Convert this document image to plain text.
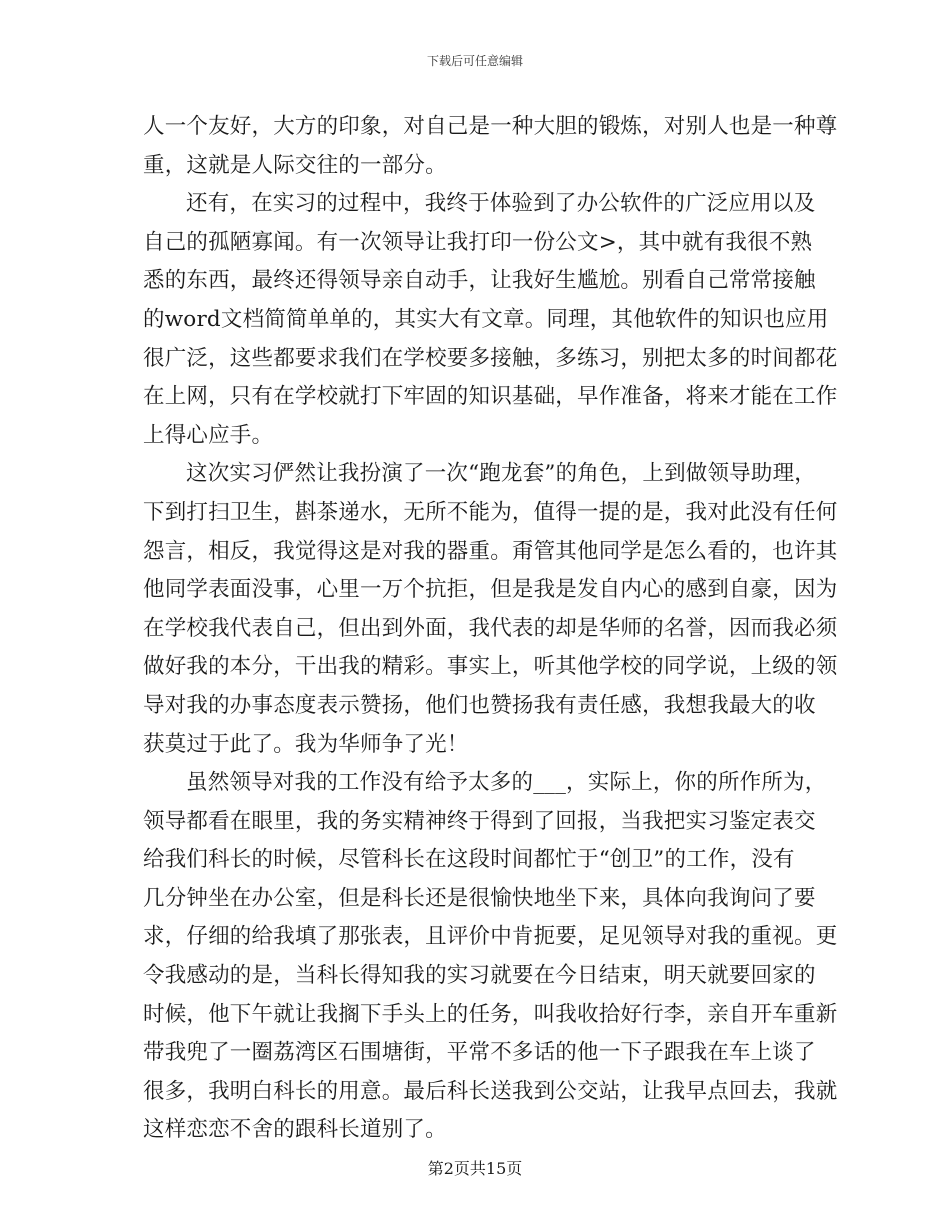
下载后可任意编辑
人一个友好，大方的印象，对自己是一种大胆的锻炼，对别人也是一种尊
重，这就是人际交往的一部分。
还有，在实习的过程中，我终于体验到了办公软件的广泛应用以及
自己的孤陋寡闻。有一次领导让我打印一份公文>，其中就有我很不熟
悉的东西，最终还得领导亲自动手，让我好生尴尬。别看自己常常接触
的word文档简简单单的，其实大有文章。同理，其他软件的知识也应用
很广泛，这些都要求我们在学校要多接触，多练习，别把太多的时间都花
在上网，只有在学校就打下牢固的知识基础，早作准备，将来才能在工作
上得心应手。
这次实习俨然让我扮演了一次“跑龙套”的角色，上到做领导助理，
下到打扫卫生，斟茶递水，无所不能为，值得一提的是，我对此没有任何
怨言，相反，我觉得这是对我的器重。甭管其他同学是怎么看的，也许其
他同学表面没事，心里一万个抗拒，但是我是发自内心的感到自豪，因为
在学校我代表自己，但出到外面，我代表的却是华师的名誉，因而我必须
做好我的本分，干出我的精彩。事实上，听其他学校的同学说，上级的领
导对我的办事态度表示赞扬，他们也赞扬我有责任感，我想我最大的收
获莫过于此了。我为华师争了光！
虽然领导对我的工作没有给予太多的___，实际上，你的所作所为，
领导都看在眼里，我的务实精神终于得到了回报，当我把实习鉴定表交
给我们科长的时候，尽管科长在这段时间都忙于“创卫”的工作，没有
几分钟坐在办公室，但是科长还是很愉快地坐下来，具体向我询问了要
求，仔细的给我填了那张表，且评价中肯扼要，足见领导对我的重视。更
令我感动的是，当科长得知我的实习就要在今日结束，明天就要回家的
时候，他下午就让我搁下手头上的任务，叫我收拾好行李，亲自开车重新
带我兜了一圈荔湾区石围塘街，平常不多话的他一下子跟我在车上谈了
很多，我明白科长的用意。最后科长送我到公交站，让我早点回去，我就
这样恋恋不舍的跟科长道别了。
第2页共15页
